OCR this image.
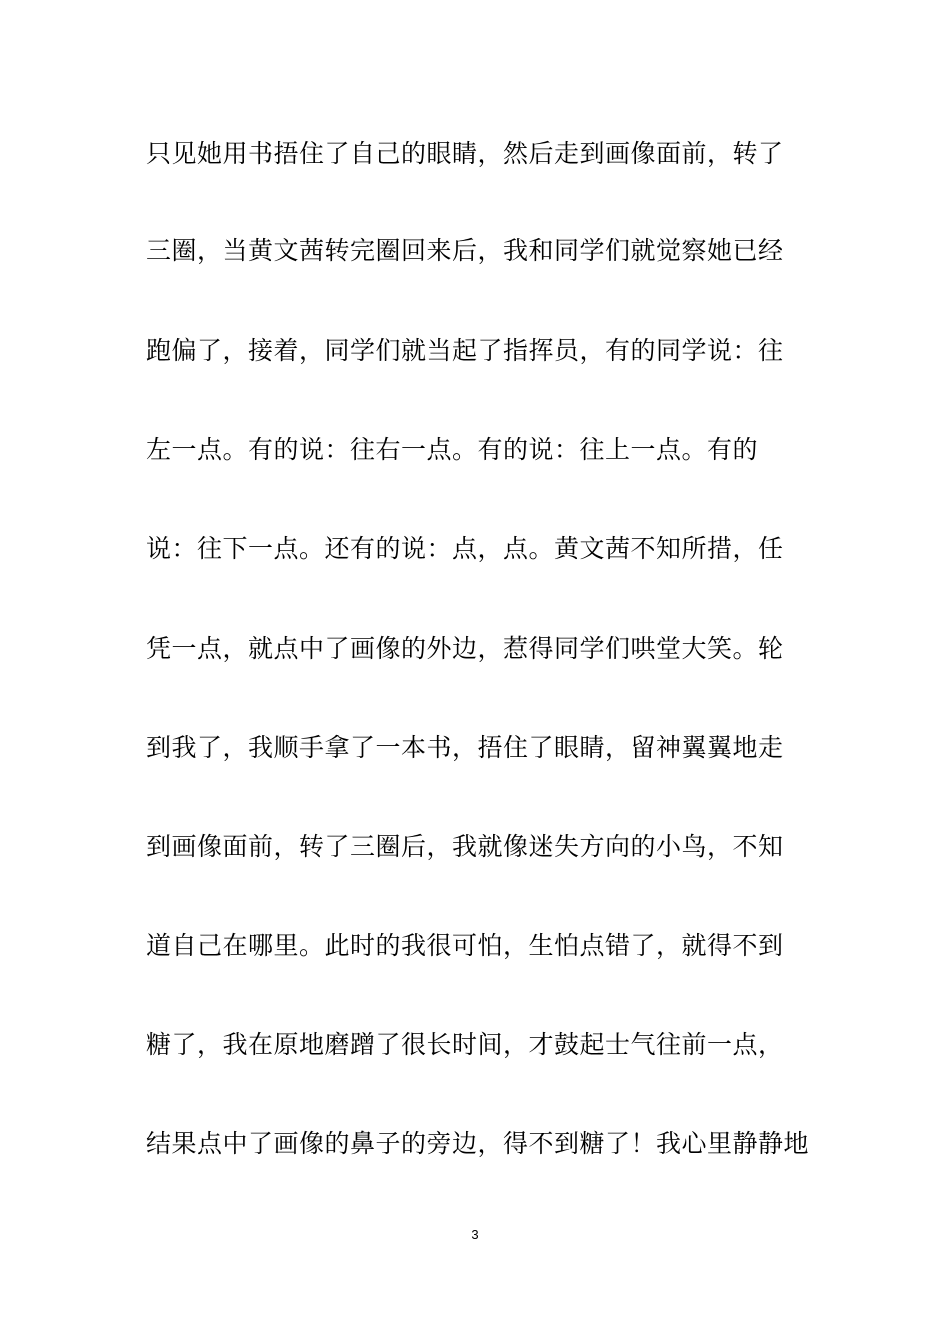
只见她用书捂住了自己的眼睛，然后走到画像面前，转了
三圈，当黄文茜转完圈回来后，我和同学们就觉察她已经
跑偏了，接着，同学们就当起了指挥员，有的同学说：往
左一点。有的说：往右一点。有的说：往上一点。有的
说：往下一点。还有的说：点，点。黄文茜不知所措，任
凭一点，就点中了画像的外边，惹得同学们哄堂大笑。轮
到我了，我顺手拿了一本书，捂住了眼睛，留神翼翼地走
到画像面前，转了三圈后，我就像迷失方向的小鸟，不知
道自己在哪里。此时的我很可怕，生怕点错了，就得不到
糖了，我在原地磨蹭了很长时间，才鼓起士气往前一点，
结果点中了画像的鼻子的旁边，得不到糖了！我心里静静地
3
